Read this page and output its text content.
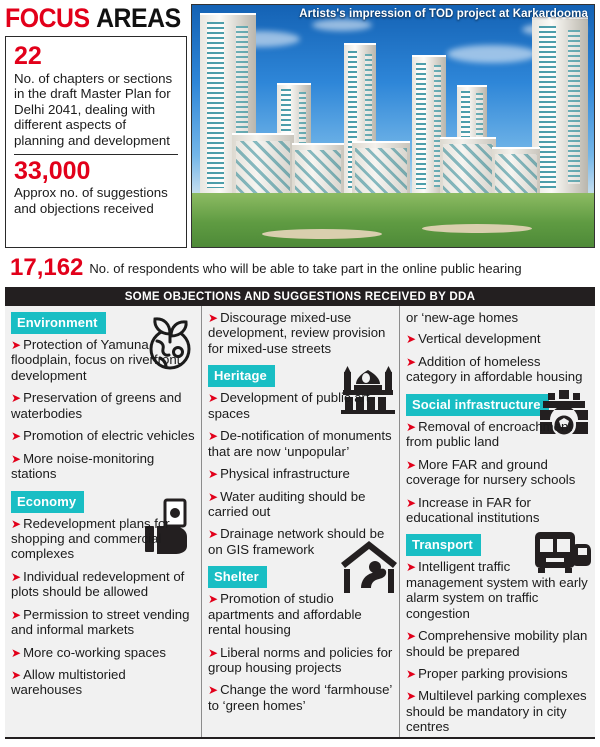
FOCUS AREAS
22
No. of chapters or sections in the draft Master Plan for Delhi 2041, dealing with different aspects of planning and development
33,000
Approx no. of suggestions and objections received
Artists's impression of TOD project at Karkardooma
17,162 No. of respondents who will be able to take part in the online public hearing
SOME OBJECTIONS AND SUGGESTIONS RECEIVED BY DDA
Environment
➤ Protection of Yamuna floodplain, focus on riverfront development
➤ Preservation of greens and waterbodies
➤ Promotion of electric vehicles
➤ More noise-monitoring stations
Economy
➤ Redevelopment plans for shopping and commercial complexes
➤ Individual redevelopment of plots should be allowed
➤ Permission to street vending and informal markets
➤ More co-working spaces
➤ Allow multistoried warehouses
➤ Discourage mixed-use development, review provision for mixed-use streets
Heritage
➤ Development of public art spaces
➤ De-notification of monuments that are now ‘unpopular’
➤ Physical infrastructure
➤ Water auditing should be carried out
➤ Drainage network should be on GIS framework
Shelter
➤ Promotion of studio apartments and affordable rental housing
➤ Liberal norms and policies for group housing projects
➤ Change the word ‘farmhouse’ to ‘green homes’
or ‘new-age homes
➤ Vertical development
➤ Addition of homeless category in affordable housing
Social infrastructure
➤ Removal of encroachment from public land
➤ More FAR and ground coverage for nursery schools
➤ Increase in FAR for educational institutions
Transport
➤ Intelligent traffic management system with early alarm system on traffic congestion
➤ Comprehensive mobility plan should be prepared
➤ Proper parking provisions
➤ Multilevel parking complexes should be mandatory in city centres
